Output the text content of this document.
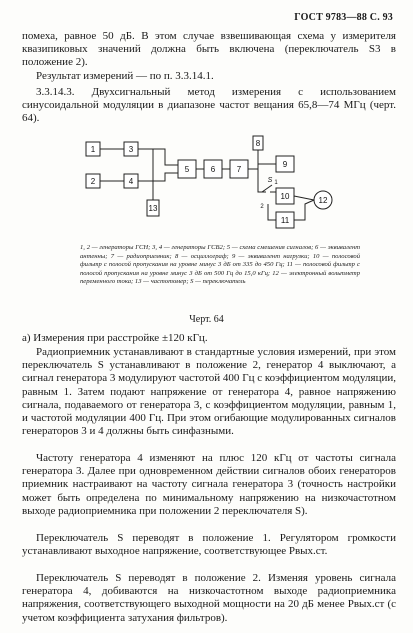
ГОСТ 9783—88 С. 93
помеха, равное 50 дБ. В этом случае взвешивающая схема у измерителя квазипиковых значений должна быть включена (переключатель S3 в положение 2).
Результат измерений — по п. 3.3.14.1.
3.3.14.3. Двухсигнальный метод измерения с использованием синусоидальной модуляции в диапазоне частот вещания 65,8—74 МГц (черт. 64).
1
2
3
4
5	6	7
8
9
10
11
12
13
S 1
2
1, 2 — генераторы ГСН; 3, 4 — генераторы ГСВ2; 5 — схема смешения сигналов; 6 — эквивалент антенны; 7 — радиоприемник; 8 — осциллограф; 9 — эквивалент нагрузки; 10 — полосовой фильтр с полосой пропускания на уровне минус 3 дБ от 335 до 450 Гц; 11 — полосовой фильтр с полосой пропускания на уровне минус 3 дБ от 500 Гц до 15,0 кГц; 12 — электронный вольтметр переменного тока; 13 — частотомер; S — переключатель
Черт. 64
а) Измерения при расстройке ±120 кГц.
Радиоприемник устанавливают в стандартные условия измерений, при этом переключатель S устанавливают в положение 2, генератор 4 выключают, а сигнал генератора 3 модулируют частотой 400 Гц с коэффициентом модуляции, равным 1. Затем подают напряжение от генератора 4, равное напряжению сигнала, подаваемого от генератора 3, с коэффициентом модуляции, равным 1, и частотой модуляции 400 Гц. При этом огибающие модулированных сигналов генераторов 3 и 4 должны быть синфазными.
Частоту генератора 4 изменяют на плюс 120 кГц от частоты сигнала генератора 3. Далее при одновременном действии сигналов обоих генераторов приемник настраивают на частоту сигнала генератора 3 (точность настройки может быть определена по минимальному напряжению на низкочастотном выходе радиоприемника при положении 2 переключателя S).
Переключатель S переводят в положение 1. Регулятором громкости устанавливают выходное напряжение, соответствующее Pвых.ст.
Переключатель S переводят в положение 2. Изменяя уровень сигнала генератора 4, добиваются на низкочастотном выходе радиоприемника напряжения, соответствующего выходной мощности на 20 дБ менее Pвых.ст (с учетом коэффициента затухания фильтров).
